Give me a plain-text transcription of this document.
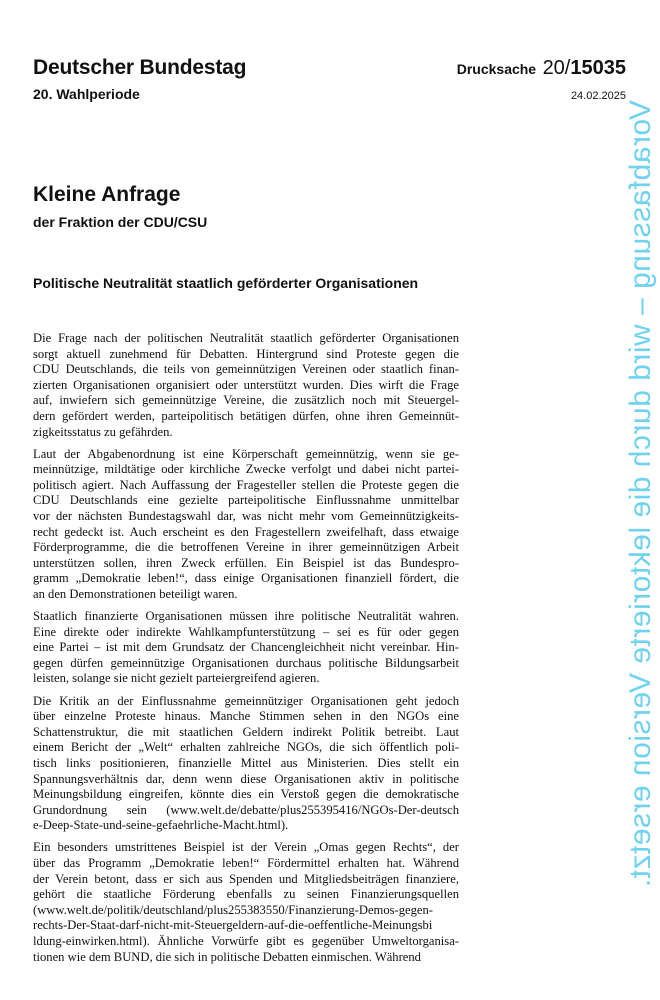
Deutscher Bundestag
20. Wahlperiode
Drucksache 20/15035
24.02.2025
Kleine Anfrage
der Fraktion der CDU/CSU
Politische Neutralität staatlich geförderter Organisationen
Die Frage nach der politischen Neutralität staatlich geförderter Organisationen
sorgt aktuell zunehmend für Debatten. Hintergrund sind Proteste gegen die
CDU Deutschlands, die teils von gemeinnützigen Vereinen oder staatlich finan-
zierten Organisationen organisiert oder unterstützt wurden. Dies wirft die Frage
auf, inwiefern sich gemeinnützige Vereine, die zusätzlich noch mit Steuergel-
dern gefördert werden, parteipolitisch betätigen dürfen, ohne ihren Gemeinnüt-
zigkeitsstatus zu gefährden.
Laut der Abgabenordnung ist eine Körperschaft gemeinnützig, wenn sie ge-
meinnützige, mildtätige oder kirchliche Zwecke verfolgt und dabei nicht partei-
politisch agiert. Nach Auffassung der Fragesteller stellen die Proteste gegen die
CDU Deutschlands eine gezielte parteipolitische Einflussnahme unmittelbar
vor der nächsten Bundestagswahl dar, was nicht mehr vom Gemeinnützigkeits-
recht gedeckt ist. Auch erscheint es den Fragestellern zweifelhaft, dass etwaige
Förderprogramme, die die betroffenen Vereine in ihrer gemeinnützigen Arbeit
unterstützen sollen, ihren Zweck erfüllen. Ein Beispiel ist das Bundespro-
gramm „Demokratie leben!“, dass einige Organisationen finanziell fördert, die
an den Demonstrationen beteiligt waren.
Staatlich finanzierte Organisationen müssen ihre politische Neutralität wahren.
Eine direkte oder indirekte Wahlkampfunterstützung – sei es für oder gegen
eine Partei – ist mit dem Grundsatz der Chancengleichheit nicht vereinbar. Hin-
gegen dürfen gemeinnützige Organisationen durchaus politische Bildungsarbeit
leisten, solange sie nicht gezielt parteiergreifend agieren.
Die Kritik an der Einflussnahme gemeinnütziger Organisationen geht jedoch
über einzelne Proteste hinaus. Manche Stimmen sehen in den NGOs eine
Schattenstruktur, die mit staatlichen Geldern indirekt Politik betreibt. Laut
einem Bericht der „Welt“ erhalten zahlreiche NGOs, die sich öffentlich poli-
tisch links positionieren, finanzielle Mittel aus Ministerien. Dies stellt ein
Spannungsverhältnis dar, denn wenn diese Organisationen aktiv in politische
Meinungsbildung eingreifen, könnte dies ein Verstoß gegen die demokratische
Grundordnung sein (www.welt.de/debatte/plus255395416/NGOs-Der-deutsch
e-Deep-State-und-seine-gefaehrliche-Macht.html).
Ein besonders umstrittenes Beispiel ist der Verein „Omas gegen Rechts“, der
über das Programm „Demokratie leben!“ Fördermittel erhalten hat. Während
der Verein betont, dass er sich aus Spenden und Mitgliedsbeiträgen finanziere,
gehört die staatliche Förderung ebenfalls zu seinen Finanzierungsquellen
(www.welt.de/politik/deutschland/plus255383550/Finanzierung-Demos-gegen-
rechts-Der-Staat-darf-nicht-mit-Steuergeldern-auf-die-oeffentliche-Meinungsbi
ldung-einwirken.html). Ähnliche Vorwürfe gibt es gegenüber Umweltorganisa-
tionen wie dem BUND, die sich in politische Debatten einmischen. Während
Vorabfassung – wird durch die lektorierte Version ersetzt.
